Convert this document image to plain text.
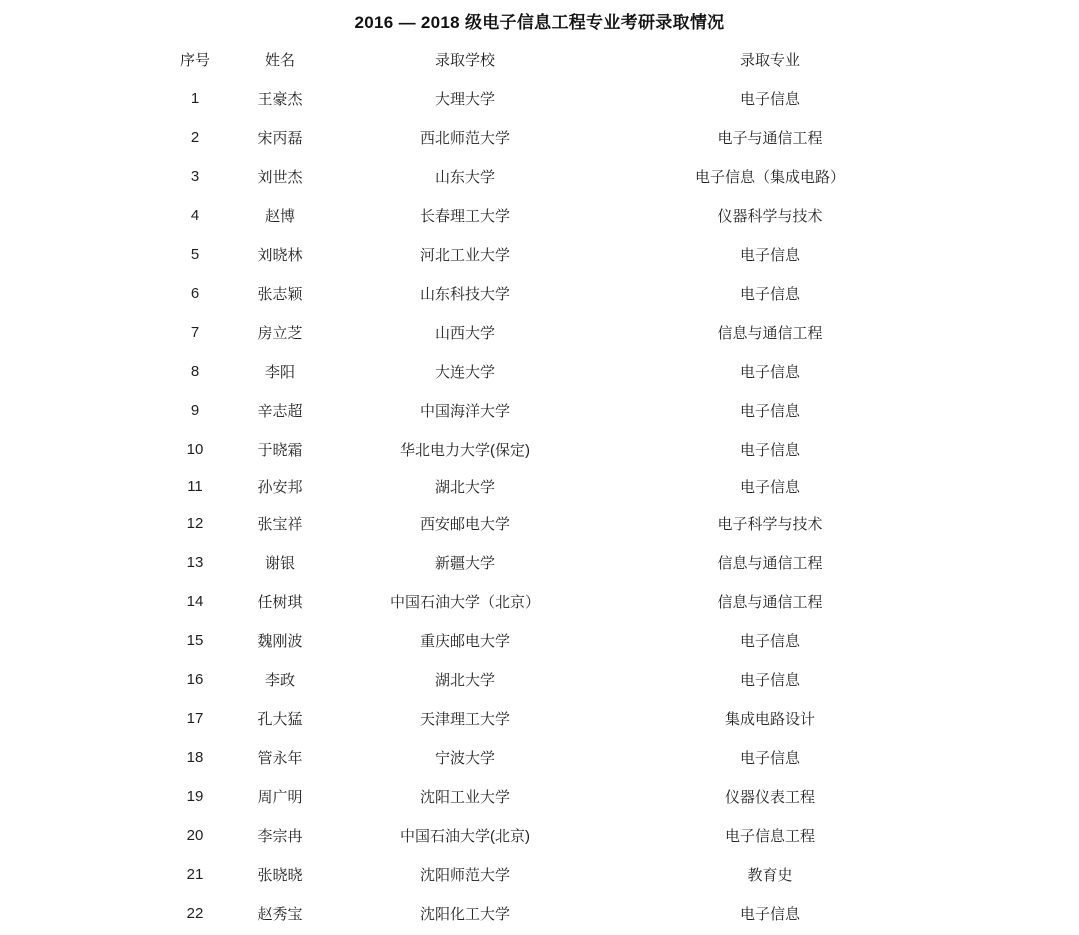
2016 — 2018 级电子信息工程专业考研录取情况
序号	姓名	录取学校	录取专业
1	王豪杰	大理大学	电子信息
2	宋丙磊	西北师范大学	电子与通信工程
3	刘世杰	山东大学	电子信息（集成电路）
4	赵博	长春理工大学	仪器科学与技术
5	刘晓林	河北工业大学	电子信息
6	张志颖	山东科技大学	电子信息
7	房立芝	山西大学	信息与通信工程
8	李阳	大连大学	电子信息
9	辛志超	中国海洋大学	电子信息
10	于晓霜	华北电力大学(保定)	电子信息
11	孙安邦	湖北大学	电子信息
12	张宝祥	西安邮电大学	电子科学与技术
13	谢银	新疆大学	信息与通信工程
14	任树琪	中国石油大学（北京）	信息与通信工程
15	魏刚波	重庆邮电大学	电子信息
16	李政	湖北大学	电子信息
17	孔大猛	天津理工大学	集成电路设计
18	管永年	宁波大学	电子信息
19	周广明	沈阳工业大学	仪器仪表工程
20	李宗冉	中国石油大学(北京)	电子信息工程
21	张晓晓	沈阳师范大学	教育史
22	赵秀宝	沈阳化工大学	电子信息
